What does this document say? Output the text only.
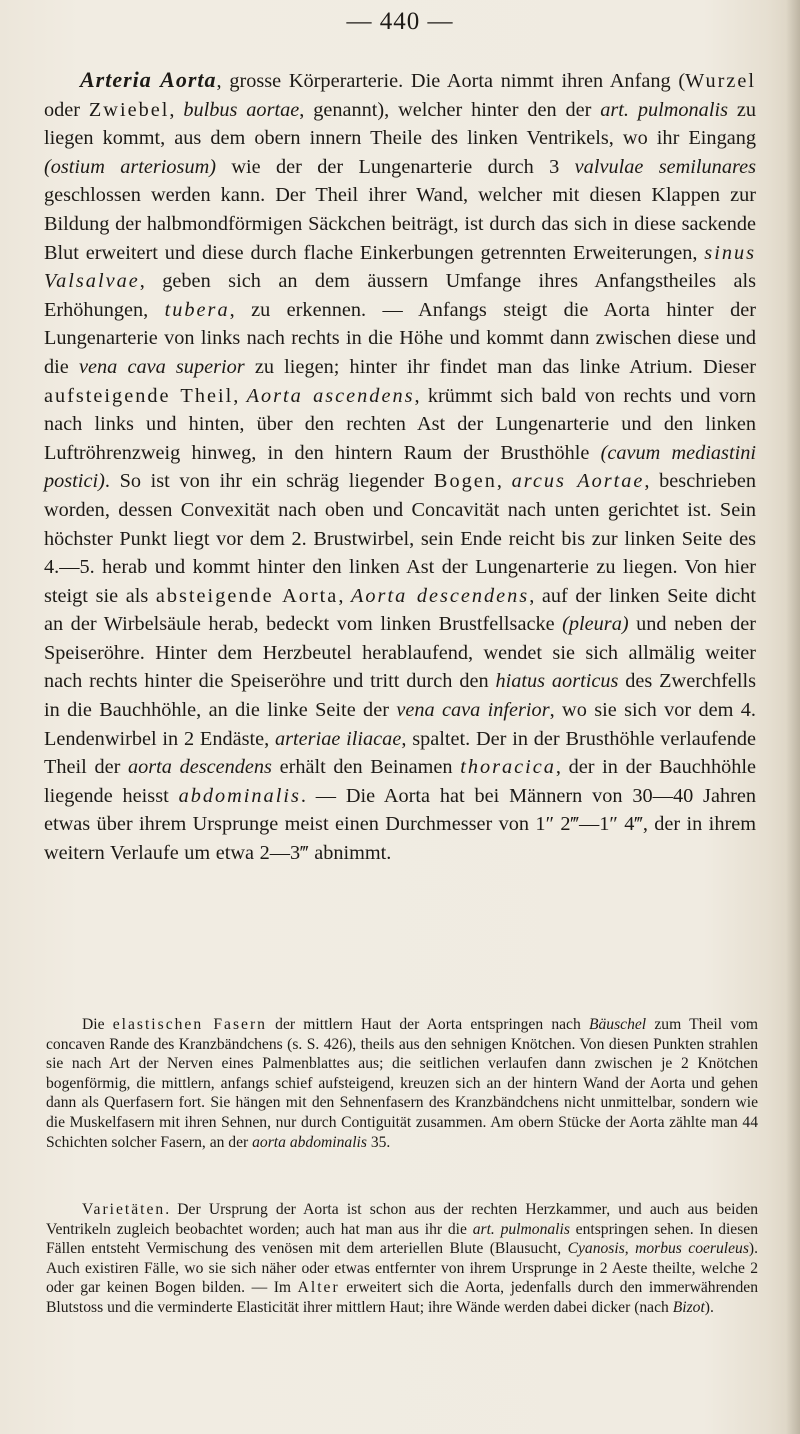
— 440 —

Arteria Aorta, grosse Körperarterie. Die Aorta nimmt ihren Anfang (Wurzel oder Zwiebel, bulbus aortae, genannt), welcher hinter den der art. pulmonalis zu liegen kommt, aus dem obern innern Theile des linken Ventrikels, wo ihr Eingang (ostium arteriosum) wie der der Lungenarterie durch 3 valvulae semilunares geschlossen werden kann. Der Theil ihrer Wand, welcher mit diesen Klappen zur Bildung der halbmondförmigen Säckchen beiträgt, ist durch das sich in diese sackende Blut erweitert und diese durch flache Einkerbungen getrennten Erweiterungen, sinus Valsalvae, geben sich an dem äussern Umfange ihres Anfangstheiles als Erhöhungen, tubera, zu erkennen. — Anfangs steigt die Aorta hinter der Lungenarterie von links nach rechts in die Höhe und kommt dann zwischen diese und die vena cava superior zu liegen; hinter ihr findet man das linke Atrium. Dieser aufsteigende Theil, Aorta ascendens, krümmt sich bald von rechts und vorn nach links und hinten, über den rechten Ast der Lungenarterie und den linken Luftröhrenzweig hinweg, in den hintern Raum der Brusthöhle (cavum mediastini postici). So ist von ihr ein schräg liegender Bogen, arcus Aortae, beschrieben worden, dessen Convexität nach oben und Concavität nach unten gerichtet ist. Sein höchster Punkt liegt vor dem 2. Brustwirbel, sein Ende reicht bis zur linken Seite des 4.—5. herab und kommt hinter den linken Ast der Lungenarterie zu liegen. Von hier steigt sie als absteigende Aorta, Aorta descendens, auf der linken Seite dicht an der Wirbelsäule herab, bedeckt vom linken Brustfellsacke (pleura) und neben der Speiseröhre. Hinter dem Herzbeutel herablaufend, wendet sie sich allmälig weiter nach rechts hinter die Speiseröhre und tritt durch den hiatus aorticus des Zwerchfells in die Bauchhöhle, an die linke Seite der vena cava inferior, wo sie sich vor dem 4. Lendenwirbel in 2 Endäste, arteriae iliacae, spaltet. Der in der Brusthöhle verlaufende Theil der aorta descendens erhält den Beinamen thoracica, der in der Bauchhöhle liegende heisst abdominalis. — Die Aorta hat bei Männern von 30—40 Jahren etwas über ihrem Ursprunge meist einen Durchmesser von 1″ 2‴—1″ 4‴, der in ihrem weitern Verlaufe um etwa 2—3‴ abnimmt.

Die elastischen Fasern der mittlern Haut der Aorta entspringen nach Bäuschel zum Theil vom concaven Rande des Kranzbändchens (s. S. 426), theils aus den sehnigen Knötchen. Von diesen Punkten strahlen sie nach Art der Nerven eines Palmenblattes aus; die seitlichen verlaufen dann zwischen je 2 Knötchen bogenförmig, die mittlern, anfangs schief aufsteigend, kreuzen sich an der hintern Wand der Aorta und gehen dann als Querfasern fort. Sie hängen mit den Sehnenfasern des Kranzbändchens nicht unmittelbar, sondern wie die Muskelfasern mit ihren Sehnen, nur durch Contiguität zusammen. Am obern Stücke der Aorta zählte man 44 Schichten solcher Fasern, an der aorta abdominalis 35.

Varietäten. Der Ursprung der Aorta ist schon aus der rechten Herzkammer, und auch aus beiden Ventrikeln zugleich beobachtet worden; auch hat man aus ihr die art. pulmonalis entspringen sehen. In diesen Fällen entsteht Vermischung des venösen mit dem arteriellen Blute (Blausucht, Cyanosis, morbus coeruleus). Auch existiren Fälle, wo sie sich näher oder etwas entfernter von ihrem Ursprunge in 2 Aeste theilte, welche 2 oder gar keinen Bogen bilden. — Im Alter erweitert sich die Aorta, jedenfalls durch den immerwährenden Blutstoss und die verminderte Elasticität ihrer mittlern Haut; ihre Wände werden dabei dicker (nach Bizot).
